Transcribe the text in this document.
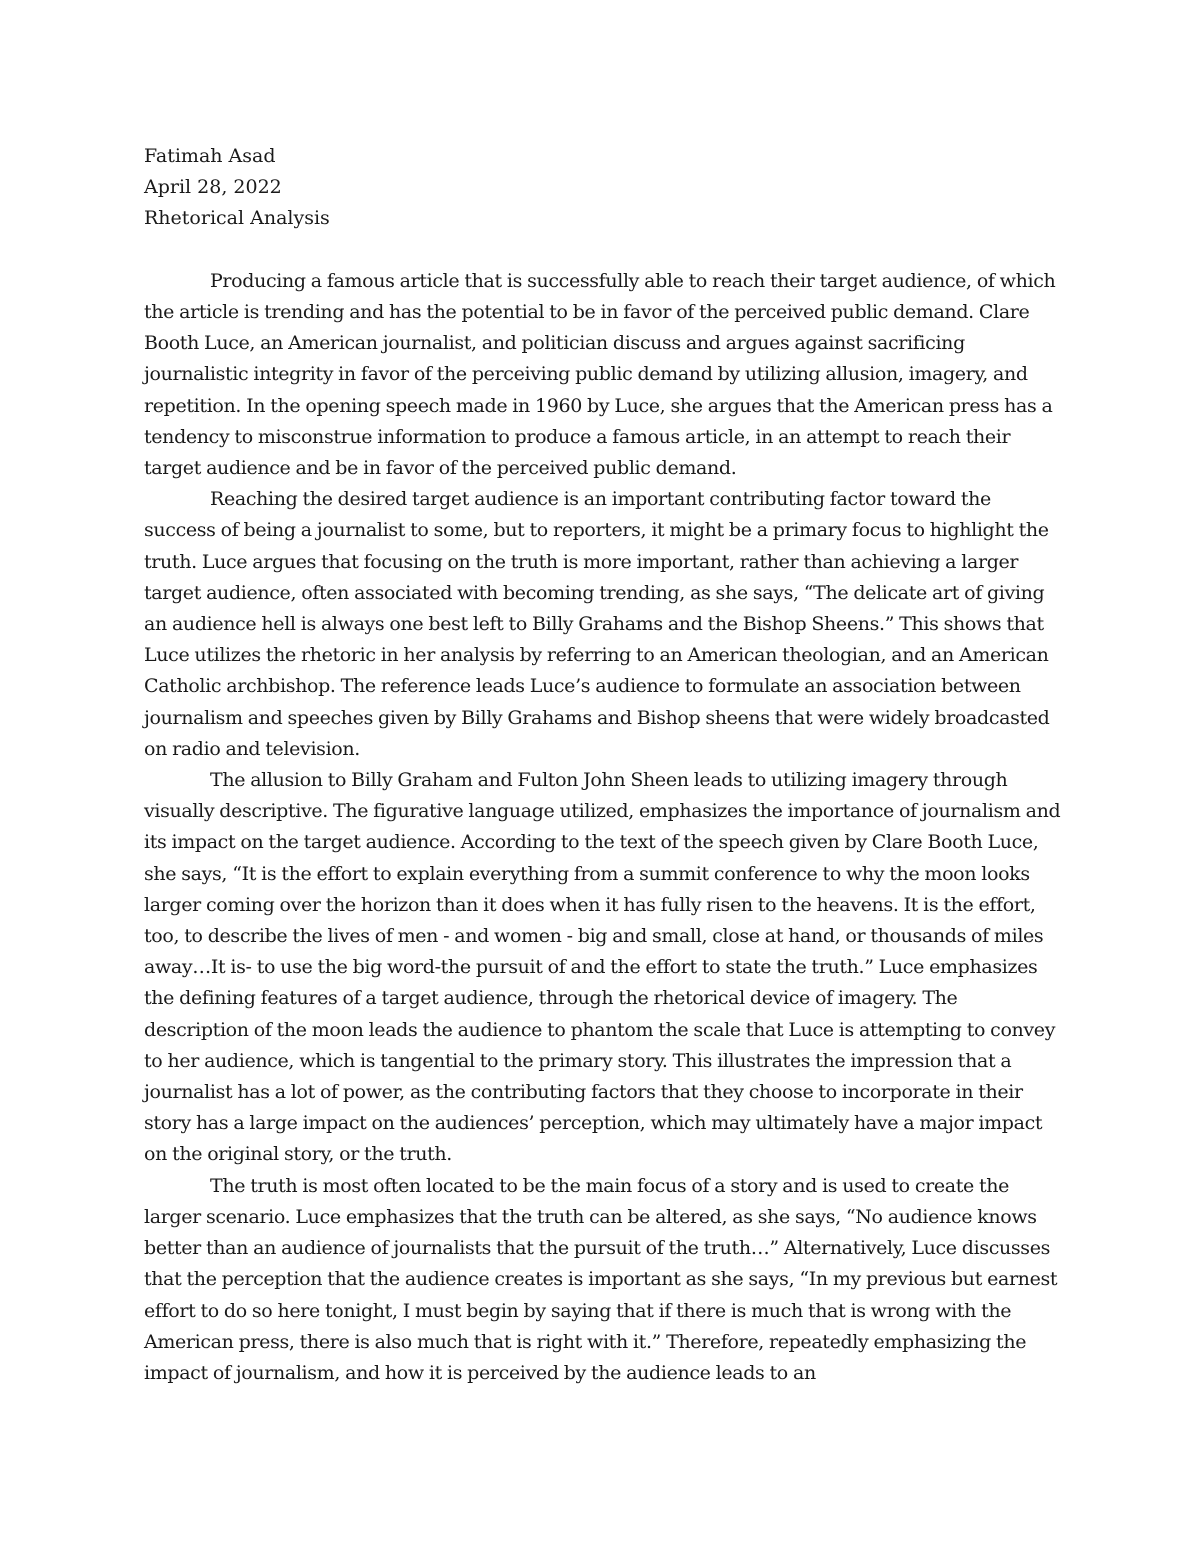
Fatimah Asad
April 28, 2022
Rhetorical Analysis

Producing a famous article that is successfully able to reach their target audience, of which the article is trending and has the potential to be in favor of the perceived public demand. Clare Booth Luce, an American journalist, and politician discuss and argues against sacrificing journalistic integrity in favor of the perceiving public demand by utilizing allusion, imagery, and repetition. In the opening speech made in 1960 by Luce, she argues that the American press has a tendency to misconstrue information to produce a famous article, in an attempt to reach their target audience and be in favor of the perceived public demand.

Reaching the desired target audience is an important contributing factor toward the success of being a journalist to some, but to reporters, it might be a primary focus to highlight the truth. Luce argues that focusing on the truth is more important, rather than achieving a larger target audience, often associated with becoming trending, as she says, “The delicate art of giving an audience hell is always one best left to Billy Grahams and the Bishop Sheens.” This shows that Luce utilizes the rhetoric in her analysis by referring to an American theologian, and an American Catholic archbishop. The reference leads Luce’s audience to formulate an association between journalism and speeches given by Billy Grahams and Bishop sheens that were widely broadcasted on radio and television.

The allusion to Billy Graham and Fulton John Sheen leads to utilizing imagery through visually descriptive. The figurative language utilized, emphasizes the importance of journalism and its impact on the target audience. According to the text of the speech given by Clare Booth Luce, she says, “It is the effort to explain everything from a summit conference to why the moon looks larger coming over the horizon than it does when it has fully risen to the heavens. It is the effort, too, to describe the lives of men - and women - big and small, close at hand, or thousands of miles away…It is- to use the big word-the pursuit of and the effort to state the truth.” Luce emphasizes the defining features of a target audience, through the rhetorical device of imagery. The description of the moon leads the audience to phantom the scale that Luce is attempting to convey to her audience, which is tangential to the primary story. This illustrates the impression that a journalist has a lot of power, as the contributing factors that they choose to incorporate in their story has a large impact on the audiences’ perception, which may ultimately have a major impact on the original story, or the truth.

The truth is most often located to be the main focus of a story and is used to create the larger scenario. Luce emphasizes that the truth can be altered, as she says, “No audience knows better than an audience of journalists that the pursuit of the truth…” Alternatively, Luce discusses that the perception that the audience creates is important as she says, “In my previous but earnest effort to do so here tonight, I must begin by saying that if there is much that is wrong with the American press, there is also much that is right with it.” Therefore, repeatedly emphasizing the impact of journalism, and how it is perceived by the audience leads to an
